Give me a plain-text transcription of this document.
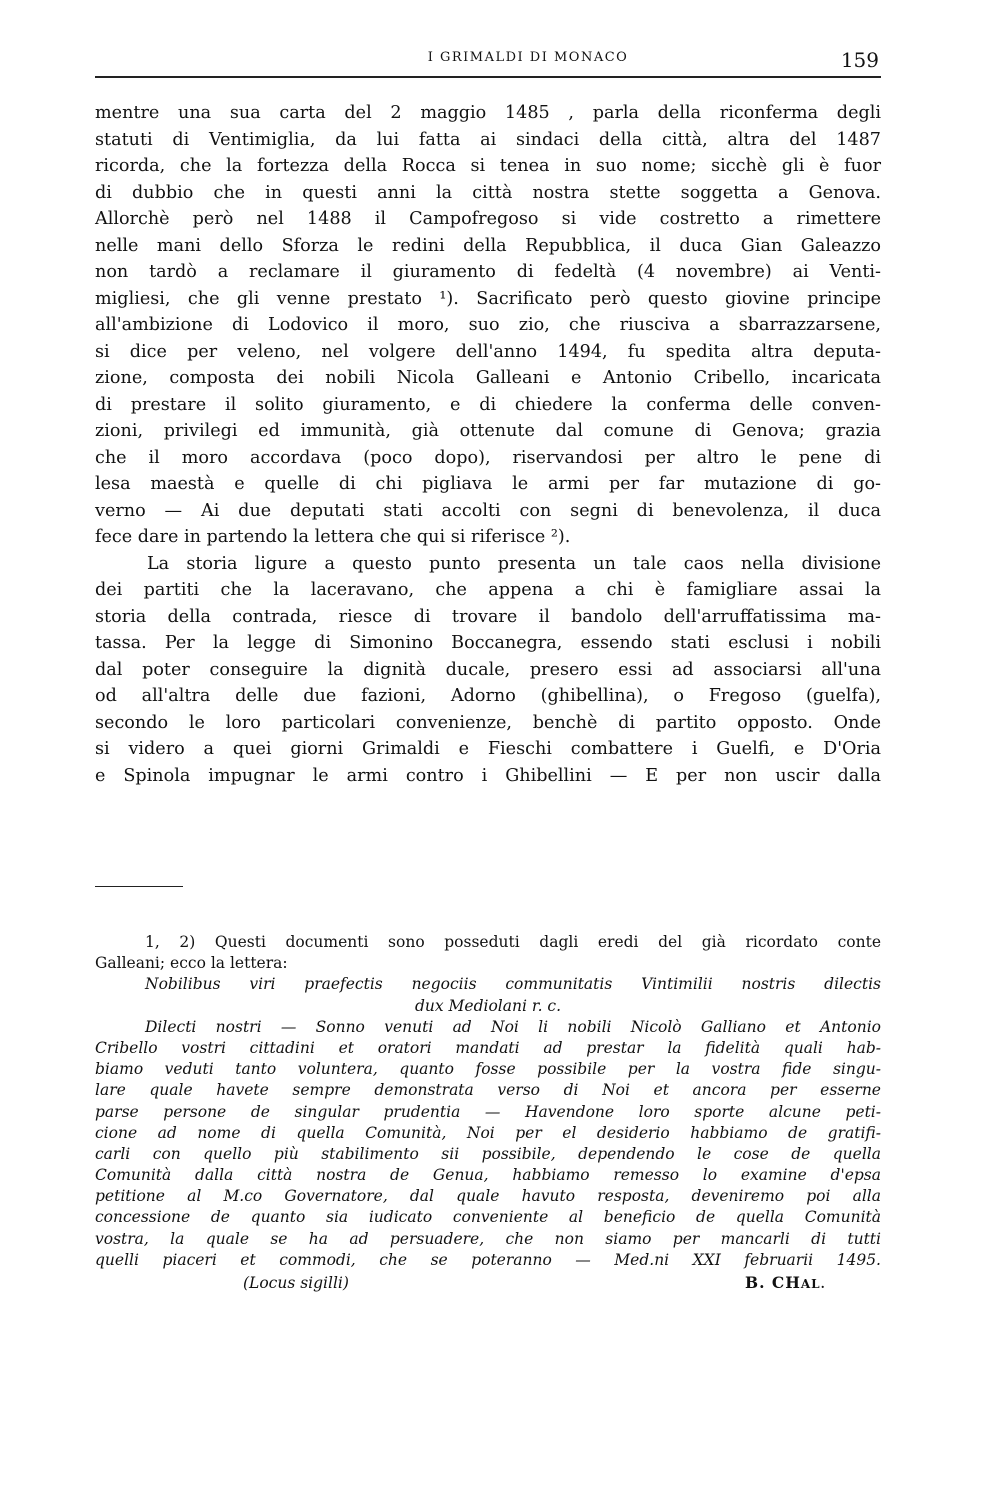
I GRIMALDI DI MONACO	159
mentre una sua carta del 2 maggio 1485 , parla della riconferma degli
statuti di Ventimiglia, da lui fatta ai sindaci della città, altra del 1487
ricorda, che la fortezza della Rocca si tenea in suo nome; sicchè gli è fuor
di dubbio che in questi anni la città nostra stette soggetta a Genova.
Allorchè però nel 1488 il Campofregoso si vide costretto a rimettere
nelle mani dello Sforza le redini della Repubblica, il duca Gian Galeazzo
non tardò a reclamare il giuramento di fedeltà (4 novembre) ai Venti-
migliesi, che gli venne prestato ¹). Sacrificato però questo giovine principe
all'ambizione di Lodovico il moro, suo zio, che riusciva a sbarrazzarsene,
si dice per veleno, nel volgere dell'anno 1494, fu spedita altra deputa-
zione, composta dei nobili Nicola Galleani e Antonio Cribello, incaricata
di prestare il solito giuramento, e di chiedere la conferma delle conven-
zioni, privilegi ed immunità, già ottenute dal comune di Genova; grazia
che il moro accordava (poco dopo), riservandosi per altro le pene di
lesa maestà e quelle di chi pigliava le armi per far mutazione di go-
verno — Ai due deputati stati accolti con segni di benevolenza, il duca
fece dare in partendo la lettera che qui si riferisce ²).
La storia ligure a questo punto presenta un tale caos nella divisione
dei partiti che la laceravano, che appena a chi è famigliare assai la
storia della contrada, riesce di trovare il bandolo dell'arruffatissima ma-
tassa. Per la legge di Simonino Boccanegra, essendo stati esclusi i nobili
dal poter conseguire la dignità ducale, presero essi ad associarsi all'una
od all'altra delle due fazioni, Adorno (ghibellina), o Fregoso (guelfa),
secondo le loro particolari convenienze, benchè di partito opposto. Onde
si videro a quei giorni Grimaldi e Fieschi combattere i Guelfi, e D'Oria
e Spinola impugnar le armi contro i Ghibellini — E per non uscir dalla
1, 2) Questi documenti sono posseduti dagli eredi del già ricordato conte
Galleani; ecco la lettera:
Nobilibus viri praefectis negociis communitatis Vintimilii nostris dilectis
dux Mediolani r. c.
Dilecti nostri — Sonno venuti ad Noi li nobili Nicolò Galliano et Antonio
Cribello vostri cittadini et oratori mandati ad prestar la fidelità quali hab-
biamo veduti tanto voluntera, quanto fosse possibile per la vostra fide singu-
lare quale havete sempre demonstrata verso di Noi et ancora per esserne
parse persone de singular prudentia — Havendone loro sporte alcune peti-
cione ad nome di quella Comunità, Noi per el desiderio habbiamo de gratifi-
carli con quello più stabilimento sii possibile, dependendo le cose de quella
Comunità dalla città nostra de Genua, habbiamo remesso lo examine d'epsa
petitione al M.co Governatore, dal quale havuto resposta, deveniremo poi alla
concessione de quanto sia iudicato conveniente al beneficio de quella Comunità
vostra, la quale se ha ad persuadere, che non siamo per mancarli di tutti
quelli piaceri et commodi, che se poteranno — Med.ni XXI februarii 1495.
(Locus sigilli)	B. CHAL.
